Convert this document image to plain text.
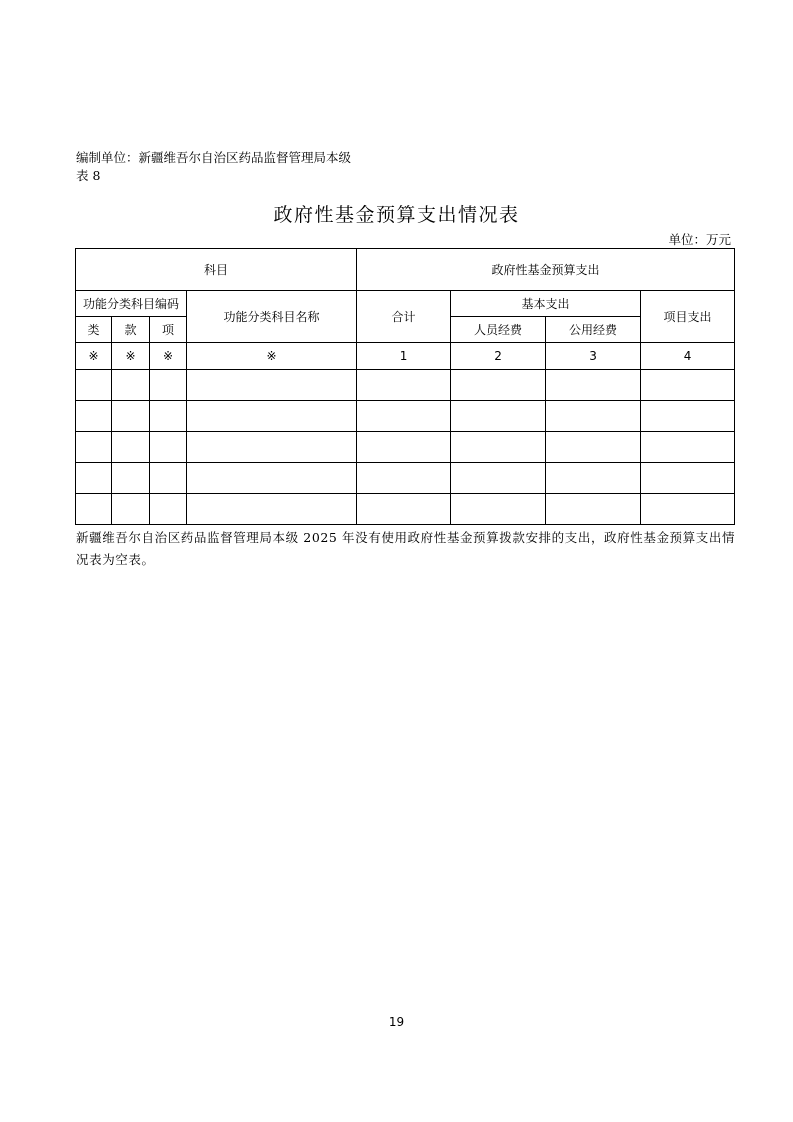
编制单位：新疆维吾尔自治区药品监督管理局本级
表 8
政府性基金预算支出情况表
单位：万元
科目				政府性基金预算支出			
功能分类科目编码			功能分类科目名称	合计	基本支出		项目支出
类	款	项			人员经费	公用经费	
※	※	※	※	1	2	3	4

新疆维吾尔自治区药品监督管理局本级 2025 年没有使用政府性基金预算拨款安排的支出，政府性基金预算支出情况表为空表。
19
